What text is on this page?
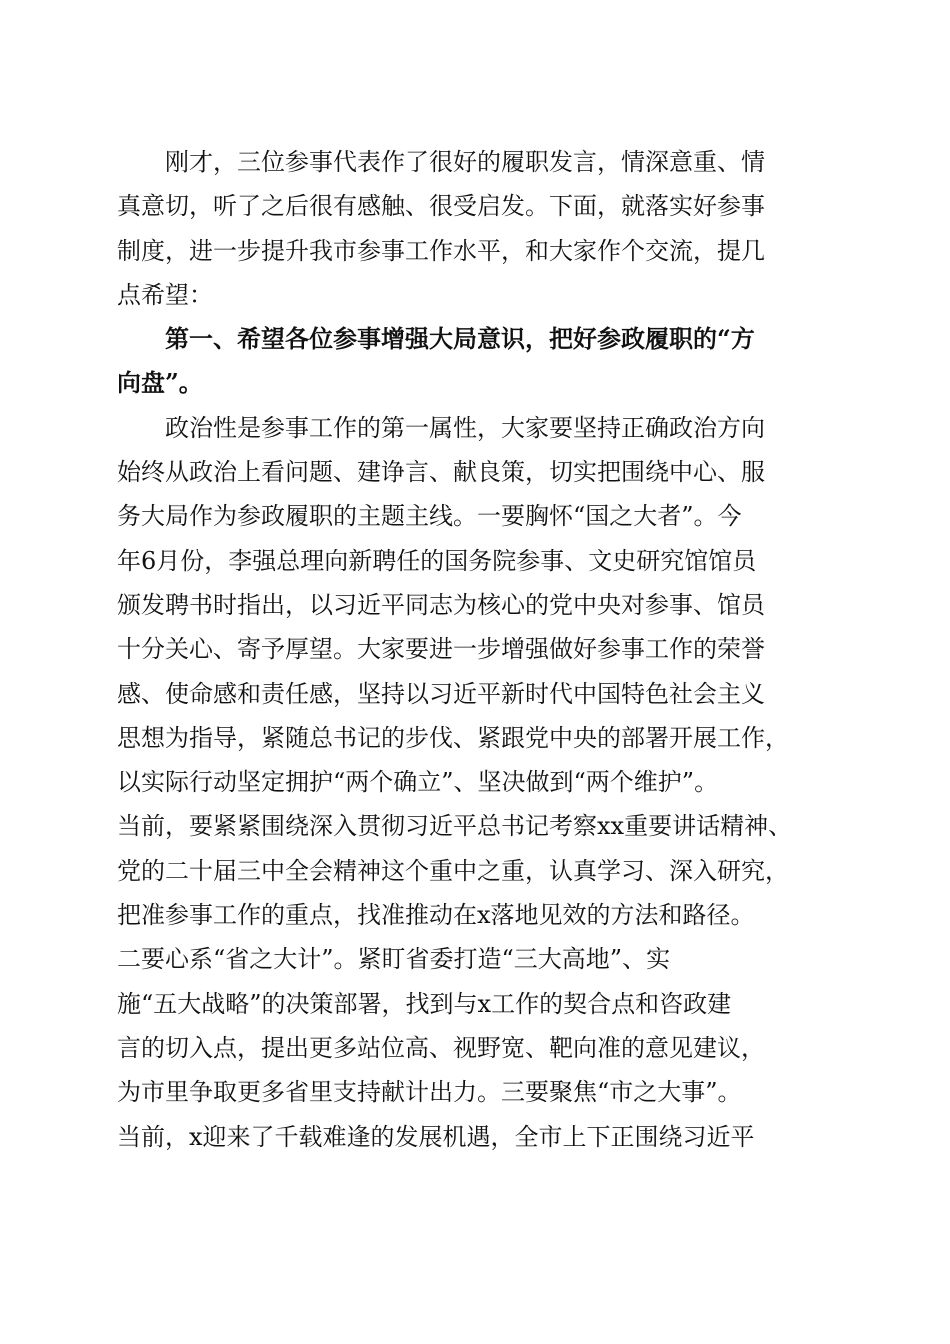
　　刚才，三位参事代表作了很好的履职发言，情深意重、情
真意切，听了之后很有感触、很受启发。下面，就落实好参事
制度，进一步提升我市参事工作水平，和大家作个交流，提几
点希望：
　　第一、希望各位参事增强大局意识，把好参政履职的“方
向盘”。
　　政治性是参事工作的第一属性，大家要坚持正确政治方向
始终从政治上看问题、建诤言、献良策，切实把围绕中心、服
务大局作为参政履职的主题主线。一要胸怀“国之大者”。今
年6月份，李强总理向新聘任的国务院参事、文史研究馆馆员
颁发聘书时指出，以习近平同志为核心的党中央对参事、馆员
十分关心、寄予厚望。大家要进一步增强做好参事工作的荣誉
感、使命感和责任感，坚持以习近平新时代中国特色社会主义
思想为指导，紧随总书记的步伐、紧跟党中央的部署开展工作，
以实际行动坚定拥护“两个确立”、坚决做到“两个维护”。
当前，要紧紧围绕深入贯彻习近平总书记考察xx重要讲话精神、
党的二十届三中全会精神这个重中之重，认真学习、深入研究，
把准参事工作的重点，找准推动在x落地见效的方法和路径。
二要心系“省之大计”。紧盯省委打造“三大高地”、实
施“五大战略”的决策部署，找到与x工作的契合点和咨政建
言的切入点，提出更多站位高、视野宽、靶向准的意见建议，
为市里争取更多省里支持献计出力。三要聚焦“市之大事”。
当前，x迎来了千载难逢的发展机遇，全市上下正围绕习近平
